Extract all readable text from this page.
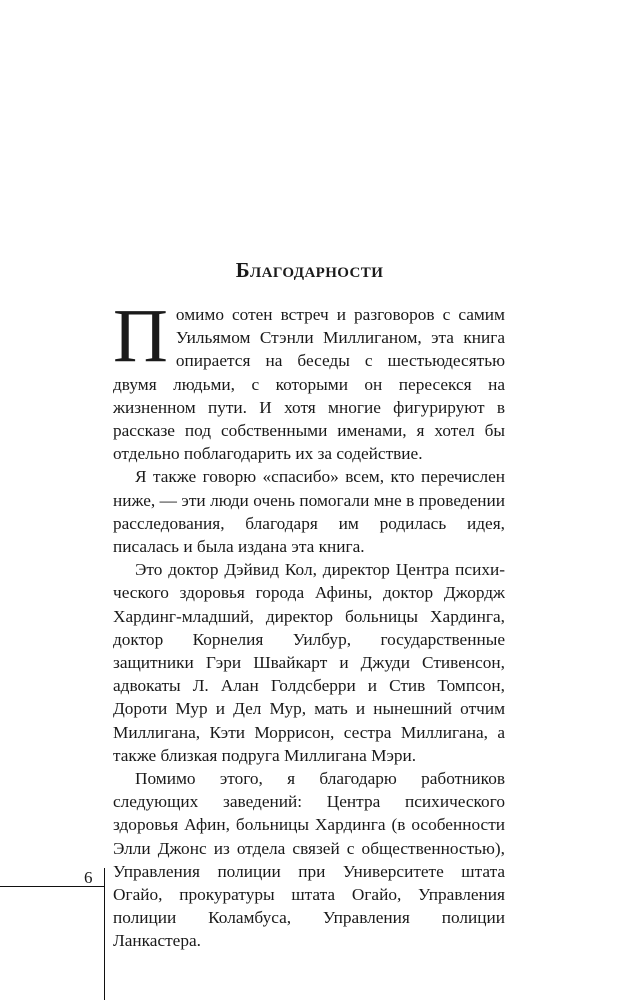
Благодарности

Помимо сотен встреч и разговоров с самим Уильямом Стэнли Миллиганом, эта книга опирается на беседы с шестьюдесятью двумя людьми, с которыми он пересекся на жизненном пути. И хотя многие фигурируют в рассказе под собственными именами, я хотел бы отдельно поблагодарить их за содействие.

Я также говорю «спасибо» всем, кто перечислен ниже, — эти люди очень помогали мне в проведении расследования, благодаря им родилась идея, писалась и была издана эта книга.

Это доктор Дэйвид Кол, директор Центра психического здоровья города Афины, доктор Джордж Хардинг-младший, директор больницы Хардинга, доктор Корнелия Уилбур, государственные защитники Гэри Швайкарт и Джуди Стивенсон, адвокаты Л. Алан Голдсберри и Стив Томпсон, Дороти Мур и Дел Мур, мать и нынешний отчим Миллигана, Кэти Моррисон, сестра Миллигана, а также близкая подруга Миллигана Мэри.

Помимо этого, я благодарю работников следующих заведений: Центра психического здоровья Афин, больницы Хардинга (в особенности Элли Джонс из отдела связей с общественностью), Управления полиции при Университете штата Огайо, прокуратуры штата Огайо, Управления полиции Коламбуса, Управления полиции Ланкастера.

6
